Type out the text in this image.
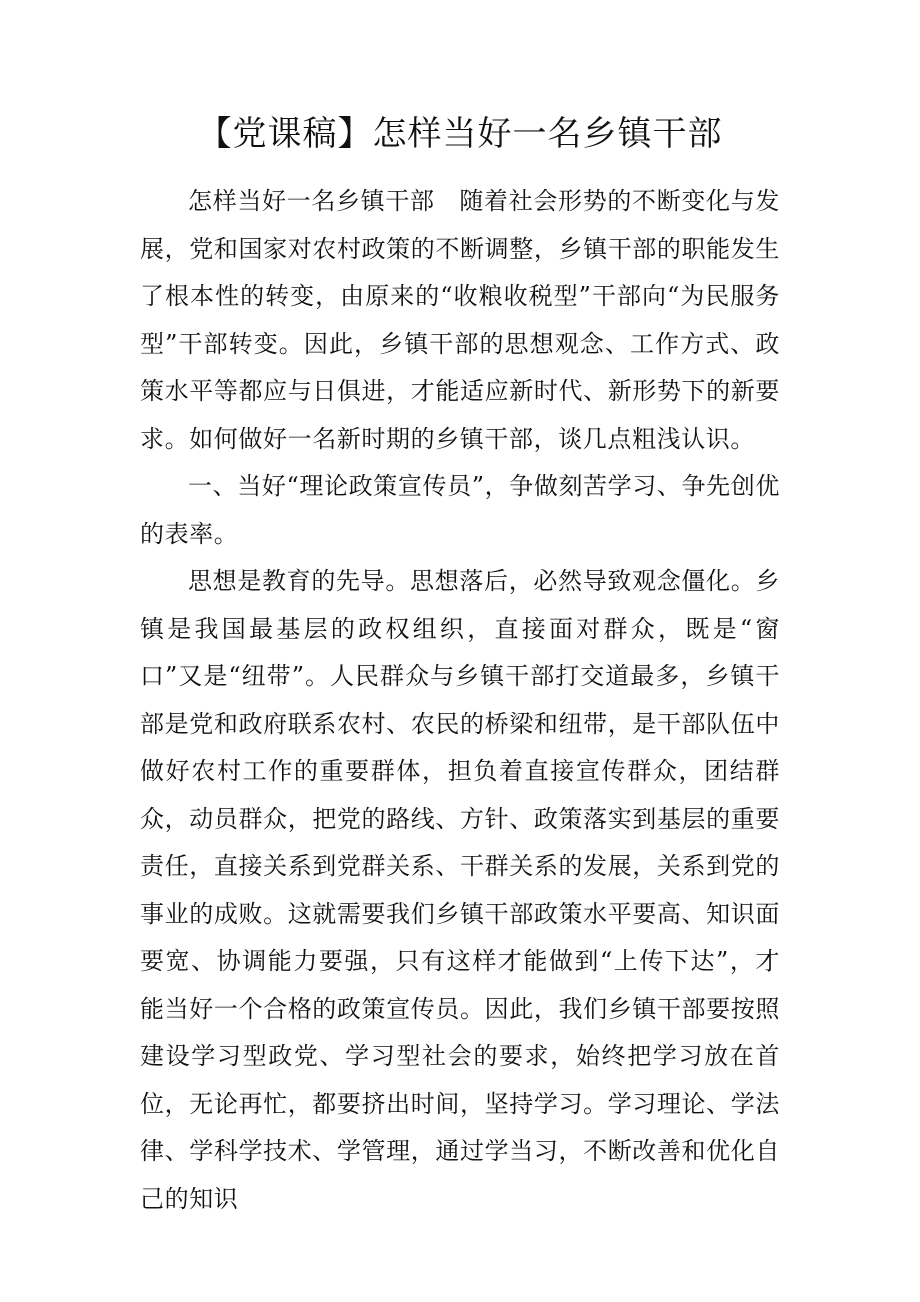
【党课稿】怎样当好一名乡镇干部

怎样当好一名乡镇干部　随着社会形势的不断变化与发展，党和国家对农村政策的不断调整，乡镇干部的职能发生了根本性的转变，由原来的“收粮收税型”干部向“为民服务型”干部转变。因此，乡镇干部的思想观念、工作方式、政策水平等都应与日俱进，才能适应新时代、新形势下的新要求。如何做好一名新时期的乡镇干部，谈几点粗浅认识。

一、当好“理论政策宣传员”，争做刻苦学习、争先创优的表率。

思想是教育的先导。思想落后，必然导致观念僵化。乡镇是我国最基层的政权组织，直接面对群众，既是“窗口”又是“纽带”。人民群众与乡镇干部打交道最多，乡镇干部是党和政府联系农村、农民的桥梁和纽带，是干部队伍中做好农村工作的重要群体，担负着直接宣传群众，团结群众，动员群众，把党的路线、方针、政策落实到基层的重要责任，直接关系到党群关系、干群关系的发展，关系到党的事业的成败。这就需要我们乡镇干部政策水平要高、知识面要宽、协调能力要强，只有这样才能做到“上传下达”，才能当好一个合格的政策宣传员。因此，我们乡镇干部要按照建设学习型政党、学习型社会的要求，始终把学习放在首位，无论再忙，都要挤出时间，坚持学习。学习理论、学法律、学科学技术、学管理，通过学当习，不断改善和优化自己的知识
